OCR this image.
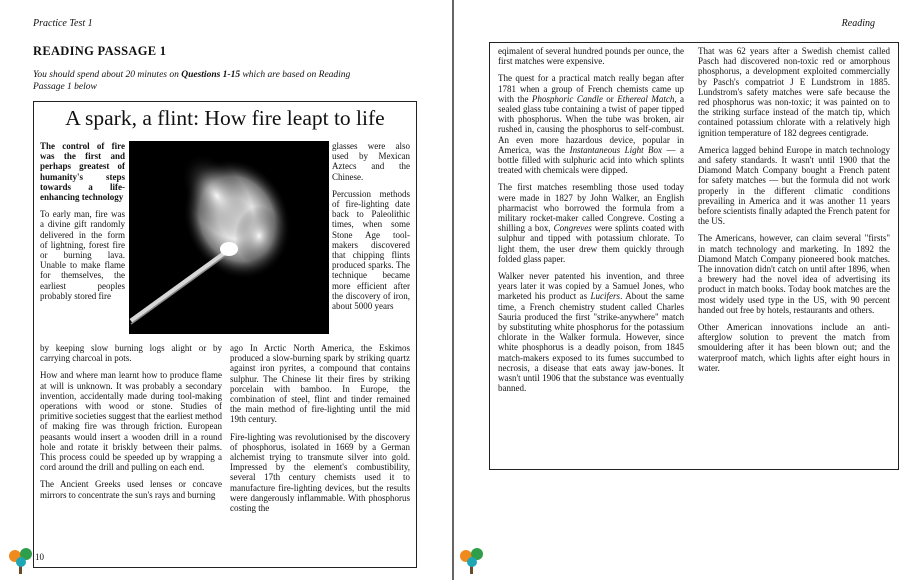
Practice Test 1
READING PASSAGE 1
You should spend about 20 minutes on Questions 1-15 which are based on Reading Passage 1 below
A spark, a flint: How fire leapt to life

The control of fire was the first and perhaps greatest of humanity's steps towards a life-enhancing technology

To early man, fire was a divine gift randomly delivered in the form of lightning, forest fire or burning lava. Unable to make flame for themselves, the earliest peoples probably stored fire

glasses were also used by Mexican Aztecs and the Chinese.

Percussion methods of fire-lighting date back to Paleolithic times, when some Stone Age tool-makers discovered that chipping flints produced sparks. The technique became more efficient after the discovery of iron, about 5000 years

by keeping slow burning logs alight or by carrying charcoal in pots.

How and where man learnt how to produce flame at will is unknown. It was probably a secondary invention, accidentally made during tool-making operations with wood or stone. Studies of primitive societies suggest that the earliest method of making fire was through friction. European peasants would insert a wooden drill in a round hole and rotate it briskly between their palms. This process could be speeded up by wrapping a cord around the drill and pulling on each end.

The Ancient Greeks used lenses or concave mirrors to concentrate the sun's rays and burning

ago In Arctic North America, the Eskimos produced a slow-burning spark by striking quartz against iron pyrites, a compound that contains sulphur. The Chinese lit their fires by striking porcelain with bamboo. In Europe, the combination of steel, flint and tinder remained the main method of fire-lighting until the mid 19th century.

Fire-lighting was revolutionised by the discovery of phosphorus, isolated in 1669 by a German alchemist trying to transmute silver into gold. Impressed by the element's combustibility, several 17th century chemists used it to manufacture fire-lighting devices, but the results were dangerously inflammable. With phosphorus costing the

10
Reading

eqimalent of several hundred pounds per ounce, the first matches were expensive.

The quest for a practical match really began after 1781 when a group of French chemists came up with the Phosphoric Candle or Ethereal Match, a sealed glass tube containing a twist of paper tipped with phosphorus. When the tube was broken, air rushed in, causing the phosphorus to self-combust. An even more hazardous device, popular in America, was the Instantaneous Light Box — a bottle filled with sulphuric acid into which splints treated with chemicals were dipped.

The first matches resembling those used today were made in 1827 by John Walker, an English pharmacist who borrowed the formula from a military rocket-maker called Congreve. Costing a shilling a box, Congreves were splints coated with sulphur and tipped with potassium chlorate. To light them, the user drew them quickly through folded glass paper.

Walker never patented his invention, and three years later it was copied by a Samuel Jones, who marketed his product as Lucifers. About the same time, a French chemistry student called Charles Sauria produced the first "strike-anywhere" match by substituting white phosphorus for the potassium chlorate in the Walker formula. However, since white phosphorus is a deadly poison, from 1845 match-makers exposed to its fumes succumbed to necrosis, a disease that eats away jaw-bones. It wasn't until 1906 that the substance was eventually banned.

That was 62 years after a Swedish chemist called Pasch had discovered non-toxic red or amorphous phosphorus, a development exploited commercially by Pasch's compatriot J E Lundstrom in 1885. Lundstrom's safety matches were safe because the red phosphorus was non-toxic; it was painted on to the striking surface instead of the match tip, which contained potassium chlorate with a relatively high ignition temperature of 182 degrees centigrade.

America lagged behind Europe in match technology and safety standards. It wasn't until 1900 that the Diamond Match Company bought a French patent for safety matches — but the formula did not work properly in the different climatic conditions prevailing in America and it was another 11 years before scientists finally adapted the French patent for the US.

The Americans, however, can claim several "firsts" in match technology and marketing. In 1892 the Diamond Match Company pioneered book matches. The innovation didn't catch on until after 1896, when a brewery had the novel idea of advertising its product in match books. Today book matches are the most widely used type in the US, with 90 percent handed out free by hotels, restaurants and others.

Other American innovations include an anti-afterglow solution to prevent the match from smouldering after it has been blown out; and the waterproof match, which lights after eight hours in water.
